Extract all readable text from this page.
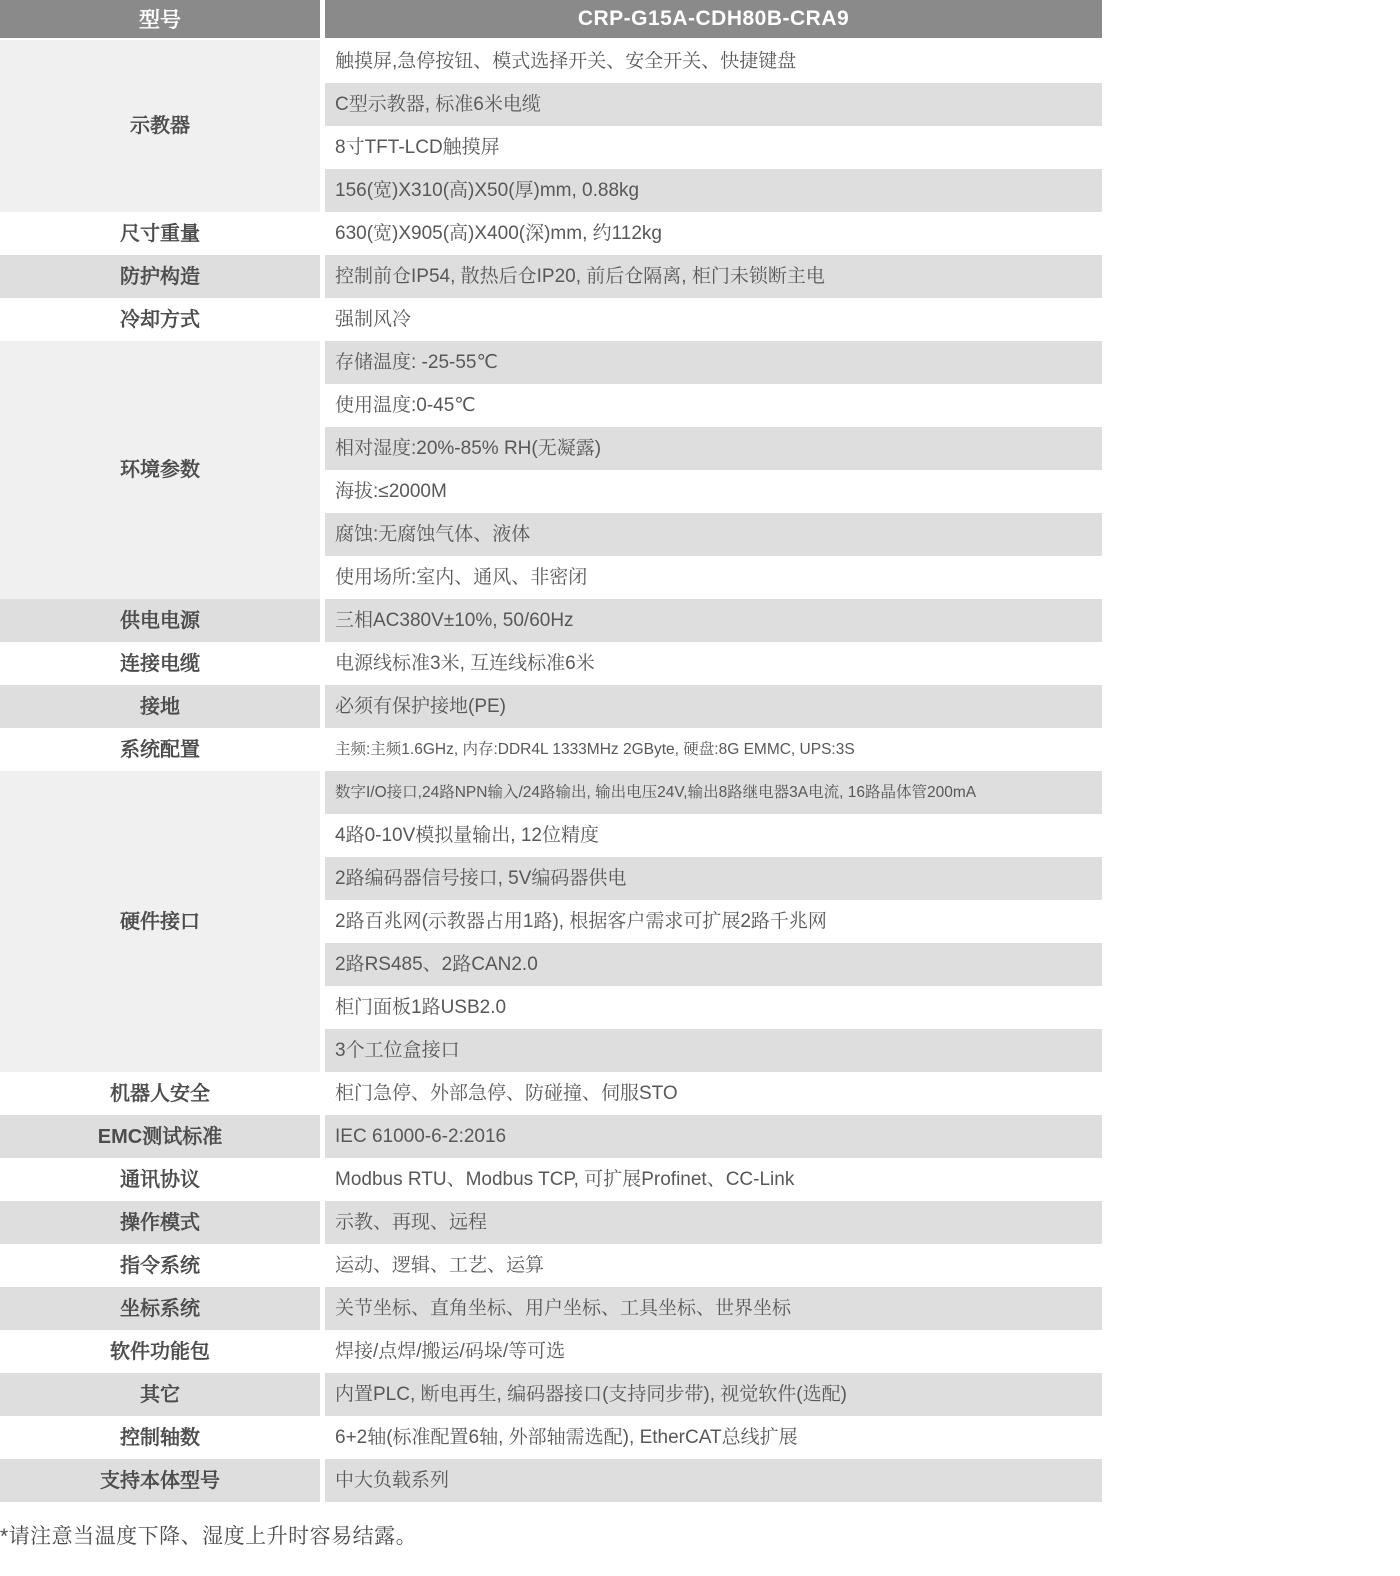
型号	CRP-G15A-CDH80B-CRA9
示教器
触摸屏,急停按钮、模式选择开关、安全开关、快捷键盘
C型示教器, 标准6米电缆
8寸TFT-LCD触摸屏
156(宽)X310(高)X50(厚)mm, 0.88kg
尺寸重量	630(宽)X905(高)X400(深)mm, 约112kg
防护构造	控制前仓IP54, 散热后仓IP20, 前后仓隔离, 柜门未锁断主电
冷却方式	强制风冷
环境参数
存储温度: -25-55℃
使用温度:0-45℃
相对湿度:20%-85% RH(无凝露)
海拔:≤2000M
腐蚀:无腐蚀气体、液体
使用场所:室内、通风、非密闭
供电电源	三相AC380V±10%, 50/60Hz
连接电缆	电源线标准3米, 互连线标准6米
接地	必须有保护接地(PE)
系统配置	主频:主频1.6GHz, 内存:DDR4L 1333MHz 2GByte, 硬盘:8G EMMC, UPS:3S
硬件接口
数字I/O接口,24路NPN输入/24路输出, 输出电压24V,输出8路继电器3A电流, 16路晶体管200mA
4路0-10V模拟量输出, 12位精度
2路编码器信号接口, 5V编码器供电
2路百兆网(示教器占用1路), 根据客户需求可扩展2路千兆网
2路RS485、2路CAN2.0
柜门面板1路USB2.0
3个工位盒接口
机器人安全	柜门急停、外部急停、防碰撞、伺服STO
EMC测试标准	IEC 61000-6-2:2016
通讯协议	Modbus RTU、Modbus TCP, 可扩展Profinet、CC-Link
操作模式	示教、再现、远程
指令系统	运动、逻辑、工艺、运算
坐标系统	关节坐标、直角坐标、用户坐标、工具坐标、世界坐标
软件功能包	焊接/点焊/搬运/码垛/等可选
其它	内置PLC, 断电再生, 编码器接口(支持同步带), 视觉软件(选配)
控制轴数	6+2轴(标准配置6轴, 外部轴需选配), EtherCAT总线扩展
支持本体型号	中大负载系列
*请注意当温度下降、湿度上升时容易结露。
